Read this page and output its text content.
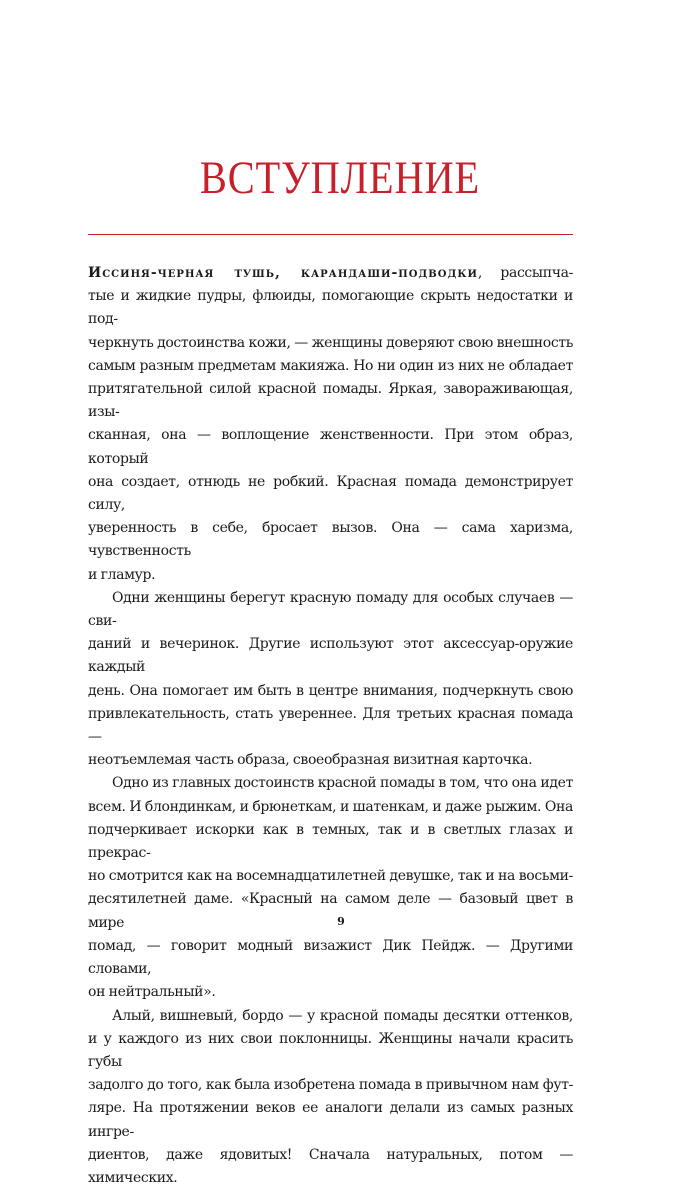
ВСТУПЛЕНИЕ

Иссиня-черная тушь, карандаши-подводки, рассыпча-
тые и жидкие пудры, флюиды, помогающие скрыть недостатки и под-
черкнуть достоинства кожи, — женщины доверяют свою внешность
самым разным предметам макияжа. Но ни один из них не обладает
притягательной силой красной помады. Яркая, завораживающая, изы-
сканная, она — воплощение женственности. При этом образ, который
она создает, отнюдь не робкий. Красная помада демонстрирует силу,
уверенность в себе, бросает вызов. Она — сама харизма, чувственность

и гламур.

Одни женщины берегут красную помаду для особых случаев — сви-
даний и вечеринок. Другие используют этот аксессуар-оружие каждый
день. Она помогает им быть в центре внимания, подчеркнуть свою
привлекательность, стать увереннее. Для третьих красная помада —

неотъемлемая часть образа, своеобразная визитная карточка.

Одно из главных достоинств красной помады в том, что она идет
всем. И блондинкам, и брюнеткам, и шатенкам, и даже рыжим. Она
подчеркивает искорки как в темных, так и в светлых глазах и прекрас-
но смотрится как на восемнадцатилетней девушке, так и на восьми-
десятилетней даме. «Красный на самом деле — базовый цвет в мире
помад, — говорит модный визажист Дик Пейдж. — Другими словами,

он нейтральный».

Алый, вишневый, бордо — у красной помады десятки оттенков,
и у каждого из них свои поклонницы. Женщины начали красить губы
задолго до того, как была изобретена помада в привычном нам фут-
ляре. На протяжении веков ее аналоги делали из самых разных ингре-
диентов, даже ядовитых! Сначала натуральных, потом — химических.

9
